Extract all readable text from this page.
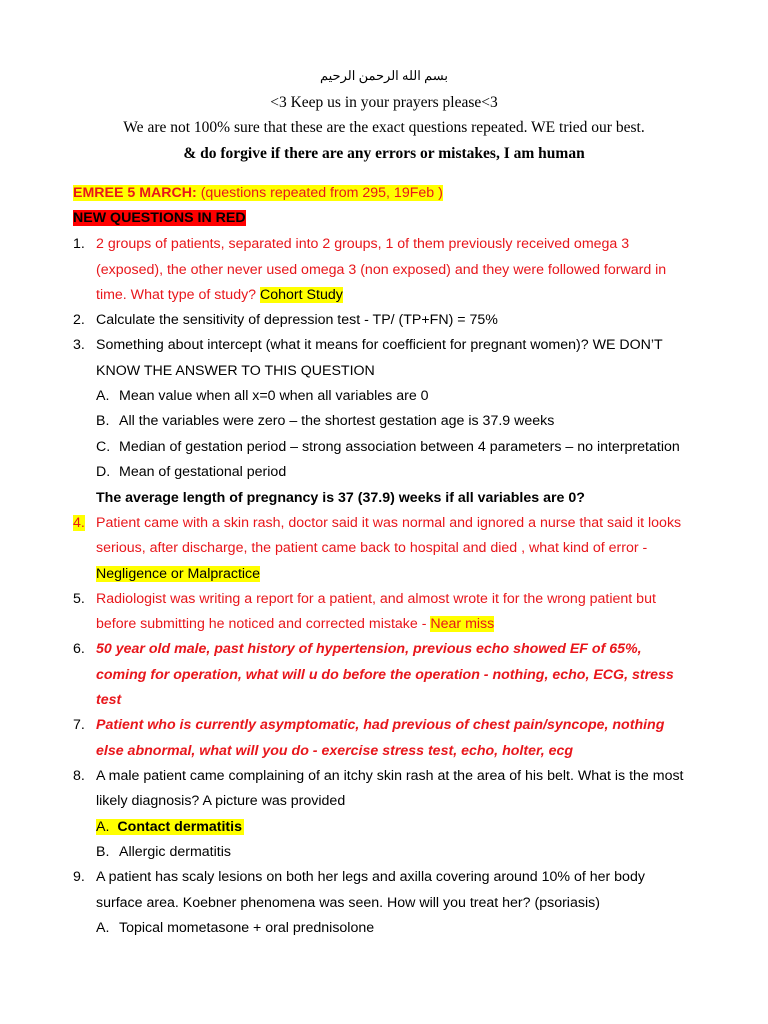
بسم الله الرحمن الرحيم
<3 Keep us in your prayers please<3
We are not 100% sure that these are the exact questions repeated. WE tried our best.
& do forgive if there are any errors or mistakes, I am human
EMREE 5 MARCH: (questions repeated from 295, 19Feb )
NEW QUESTIONS IN RED
1. 2 groups of patients, separated into 2 groups, 1 of them previously received omega 3
(exposed), the other never used omega 3 (non exposed) and they were followed forward in
time. What type of study? Cohort Study
2. Calculate the sensitivity of depression test - TP/ (TP+FN) = 75%
3. Something about intercept (what it means for coefficient for pregnant women)? WE DON’T
KNOW THE ANSWER TO THIS QUESTION
A. Mean value when all x=0 when all variables are 0
B. All the variables were zero – the shortest gestation age is 37.9 weeks
C. Median of gestation period – strong association between 4 parameters – no interpretation
D. Mean of gestational period
The average length of pregnancy is 37 (37.9) weeks if all variables are 0?
4. Patient came with a skin rash, doctor said it was normal and ignored a nurse that said it looks
serious, after discharge, the patient came back to hospital and died , what kind of error -
Negligence or Malpractice
5. Radiologist was writing a report for a patient, and almost wrote it for the wrong patient but
before submitting he noticed and corrected mistake - Near miss
6. 50 year old male, past history of hypertension, previous echo showed EF of 65%,
coming for operation, what will u do before the operation - nothing, echo, ECG, stress
test
7. Patient who is currently asymptomatic, had previous of chest pain/syncope, nothing
else abnormal, what will you do - exercise stress test, echo, holter, ecg
8. A male patient came complaining of an itchy skin rash at the area of his belt. What is the most
likely diagnosis? A picture was provided
A. Contact dermatitis
B. Allergic dermatitis
9. A patient has scaly lesions on both her legs and axilla covering around 10% of her body
surface area. Koebner phenomena was seen. How will you treat her? (psoriasis)
A. Topical mometasone + oral prednisolone
